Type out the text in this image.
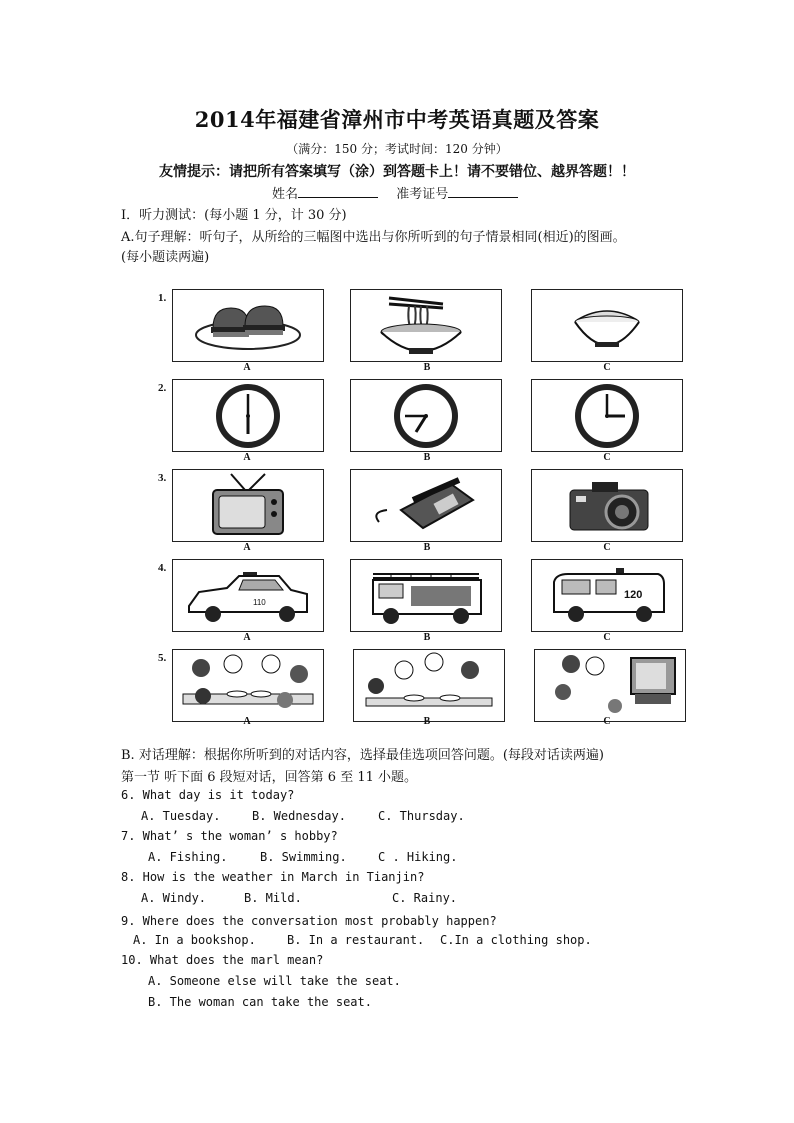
2014年福建省漳州市中考英语真题及答案
（满分：150 分；考试时间：120 分钟）
友情提示：请把所有答案填写（涂）到答题卡上！请不要错位、越界答题！！
姓名	准考证号
Ⅰ．听力测试：(每小题 1 分，计 30 分)
A.句子理解：听句子，从所给的三幅图中选出与你所听到的句子情景相同(相近)的图画。
(每小题读两遍)
1.
A	B	C
2.
A	B	C
3.
A	B	C
4.
110
A	B
120
C
5.
A	B	C
B. 对话理解：根据你所听到的对话内容，选择最佳选项回答问题。(每段对话读两遍)
第一节 听下面 6 段短对话，回答第 6 至 11 小题。
6. What day is it today?
A. Tuesday.	B. Wednesday.	C. Thursday.
7. What’ s the woman’ s hobby?
A. Fishing.	B. Swimming.	C . Hiking.
8. How is the weather in March in Tianjin?
A. Windy.	B. Mild.	C. Rainy.
9. Where does the conversation most probably happen?
A. In a bookshop.	B. In a restaurant. C.In a clothing shop.
10. What does the marl mean?
A. Someone else will take the seat.
B. The woman can take the seat.
